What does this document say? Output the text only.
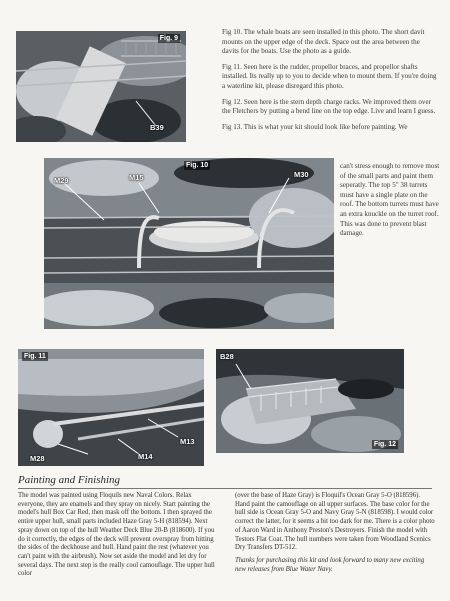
Fig. 9
B39

Fig 10. The whale boats are seen installed in this photo. The short davit mounts on the upper edge of the deck. Space out the area between the davits for the boats. Use the photo as a guide.

Fig 11. Seen here is the rudder, propellor braces, and propellor shafts installed. Its really up to you to decide when to mount them. If you're doing a waterline kit, please disregard this photo.

Fig 12. Seen here is the stern depth charge racks. We improved them over the Fletchers by putting a bend line on the top edge. Live and learn I guess.

Fig 13. This is what your kit should look like before painting. We

can't stress enough to remove most of the small parts and paint them seperatly. The top 5" 38 turrets must have a single plate on the roof. The bottom turrets must have an extra knuckle on the turret roof. This was done to prevent blast damage.
Fig. 10
M29	M15	M30
Fig. 11
M28	M14
M13	Fig. 12
B28
Painting and Finishing

The model was painted using Floquils new Naval Colors. Relax everyone, they are enamels and they spray on nicely. Start painting the model's hull Box Car Red, then mask off the bottom. I then sprayed the entire upper hull, small parts included Haze Gray 5-H (818594). Next spray down on top of the hull Weather Deck Blue 20-B (818600). If you do it correctly, the edges of the deck will prevent overspray from hitting the sides of the deckhouse and hull. Hand paint the rest (whatever you can't paint with the airbrush). Now set aside the model and let dry for several days. The next step is the really cool camouflage. The upper hull color

(over the base of Haze Gray) is Floquil's Ocean Gray 5-O (818596). Hand paint the camouflage on all upper surfaces. The base color for the hull side is Ocean Gray 5-O and Navy Gray 5-N (818598). I would color correct the latter, for it seems a bit too dark for me. There is a color photo of Aaron Ward in Anthony Preston's Destroyers. Finish the model with Testors Flat Coat. The hull numbers were taken from Woodland Scenics Dry Transfers DT-512.

Thanks for purchasing this kit and look forward to many new exciting new releases from Blue Water Navy.
